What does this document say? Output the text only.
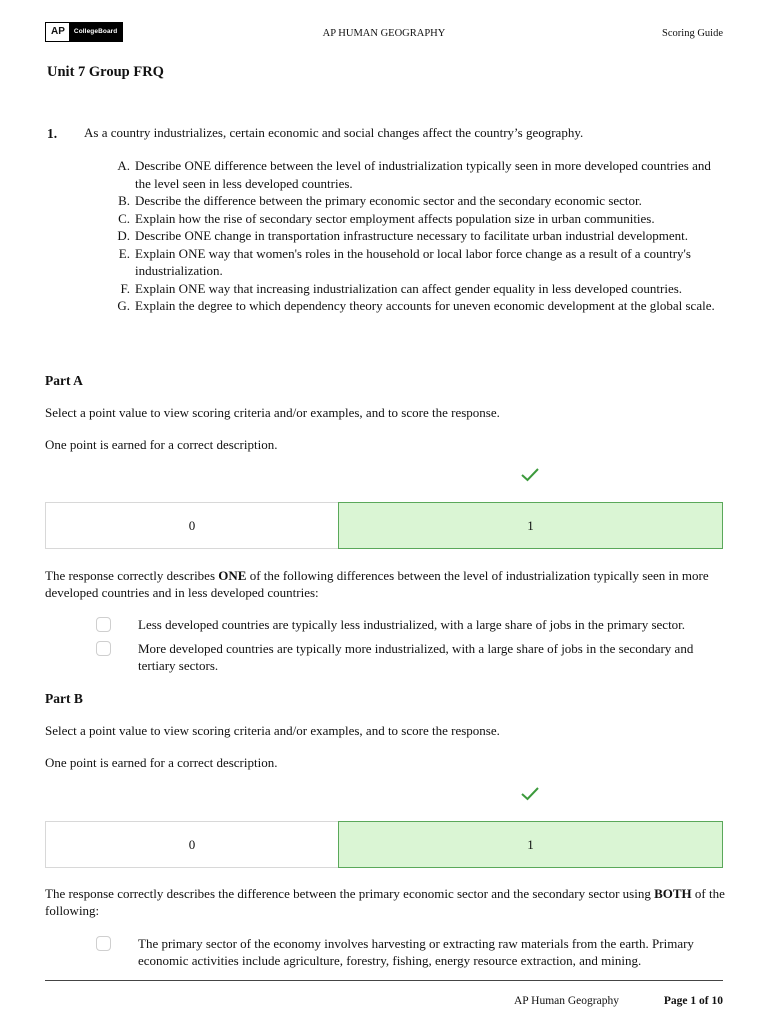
AP	CollegeBoard	AP HUMAN GEOGRAPHY	Scoring Guide
Unit 7 Group FRQ
1. As a country industrializes, certain economic and social changes affect the country’s geography.
A. Describe ONE difference between the level of industrialization typically seen in more developed countries and the level seen in less developed countries.
B. Describe the difference between the primary economic sector and the secondary economic sector.
C. Explain how the rise of secondary sector employment affects population size in urban communities.
D. Describe ONE change in transportation infrastructure necessary to facilitate urban industrial development.
E. Explain ONE way that women's roles in the household or local labor force change as a result of a country's industrialization.
F. Explain ONE way that increasing industrialization can affect gender equality in less developed countries.
G. Explain the degree to which dependency theory accounts for uneven economic development at the global scale.
Part A
Select a point value to view scoring criteria and/or examples, and to score the response.
One point is earned for a correct description.
0	1
The response correctly describes ONE of the following differences between the level of industrialization typically seen in more developed countries and in less developed countries:
Less developed countries are typically less industrialized, with a large share of jobs in the primary sector.
More developed countries are typically more industrialized, with a large share of jobs in the secondary and tertiary sectors.
Part B
Select a point value to view scoring criteria and/or examples, and to score the response.
One point is earned for a correct description.
0	1
The response correctly describes the difference between the primary economic sector and the secondary sector using BOTH of the following:
The primary sector of the economy involves harvesting or extracting raw materials from the earth. Primary economic activities include agriculture, forestry, fishing, energy resource extraction, and mining.
AP Human Geography	Page 1 of 10
